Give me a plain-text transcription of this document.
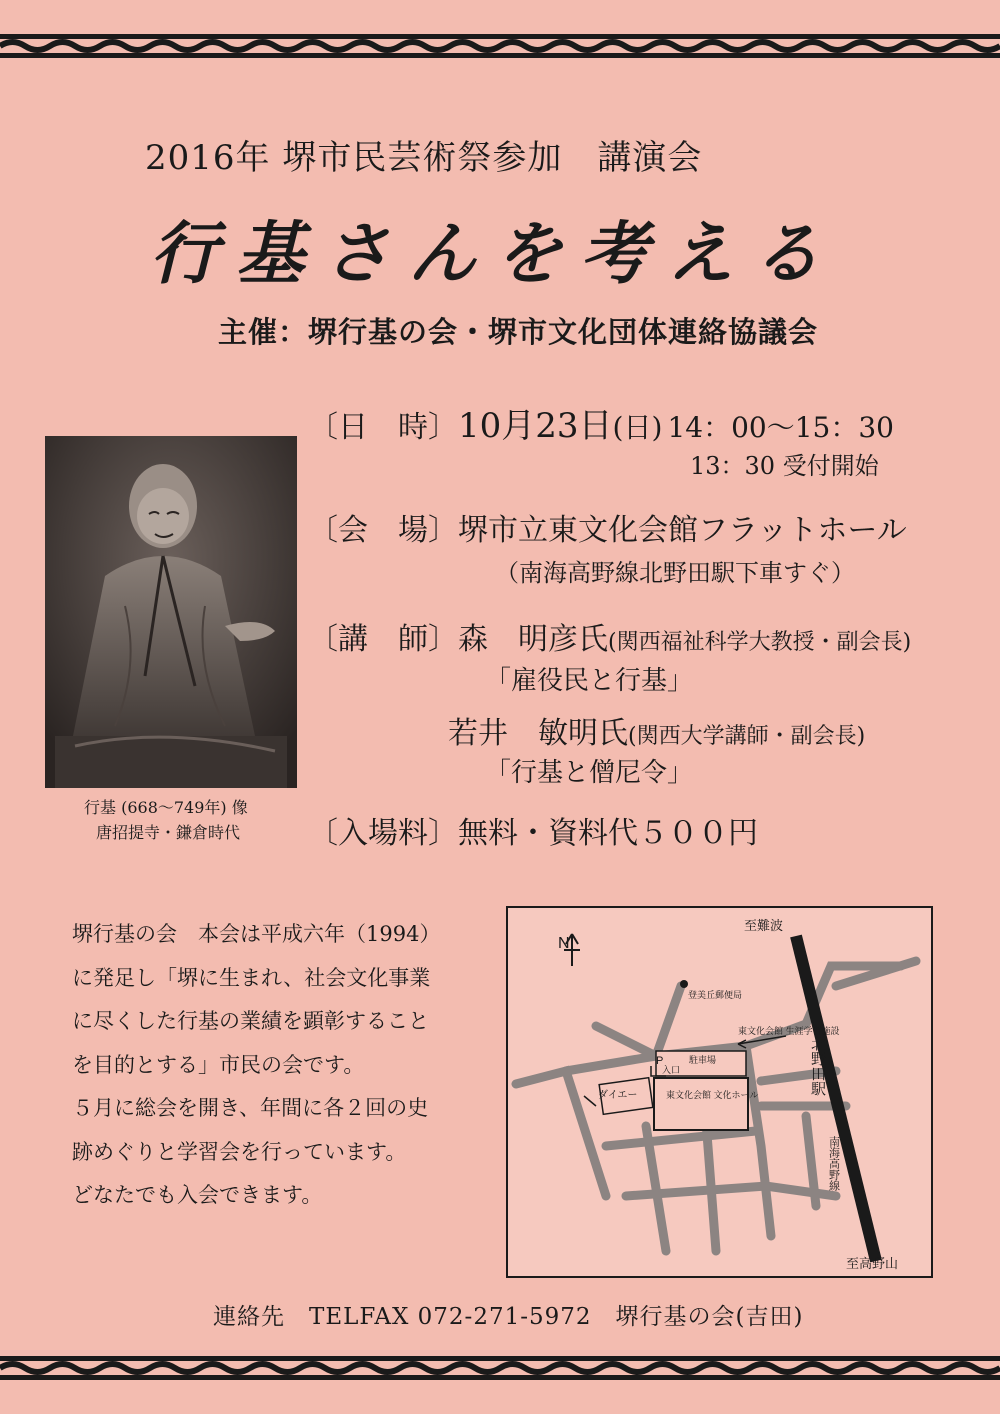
2016年 堺市民芸術祭参加　講演会
行基さんを考える
主催：堺行基の会・堺市文化団体連絡協議会
〔日　時〕10月23日(日) 14：00～15：30
13：30 受付開始
〔会　場〕堺市立東文化会館フラットホール
（南海高野線北野田駅下車すぐ）
〔講　師〕森　明彦氏(関西福祉科学大教授・副会長)
「雇役民と行基」
若井　敏明氏(関西大学講師・副会長)
「行基と僧尼令」
〔入場料〕無料・資料代５００円
行基 (668～749年) 像
唐招提寺・鎌倉時代

堺行基の会　本会は平成六年（1994）

に発足し「堺に生まれ、社会文化事業

に尽くした行基の業績を顕彰すること

を目的とする」市民の会です。

５月に総会を開き、年間に各２回の史

跡めぐりと学習会を行っています。

どなたでも入会できます。

N
至難波
至高野山
登美丘郵便局
東文化会館 生涯学習施設
駐車場
P
入口
ダイエー	東文化会館 文化ホール	北野田駅
南海高野線
連絡先　TELFAX 072-271-5972　堺行基の会(吉田)
